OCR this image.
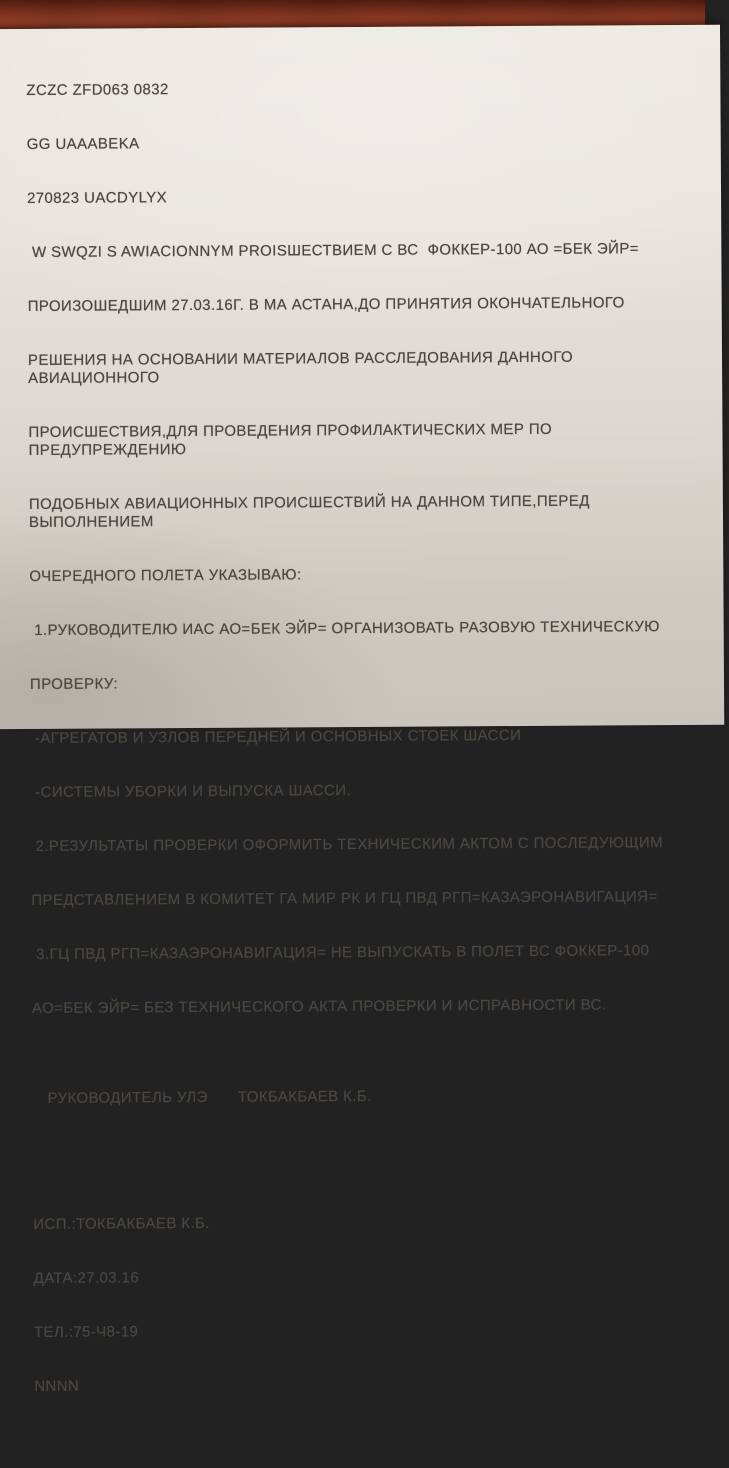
ZCZC ZFD063 0832

GG UAAABEKA

270823 UACDYLYX

W SWQZI S AWIACIONNYM PROISШЕСТВИЕМ С ВС  ФОККЕР-100 АО =БЕК ЭЙР=

ПРОИЗОШЕДШИМ 27.03.16Г. В МА АСТАНА,ДО ПРИНЯТИЯ ОКОНЧАТЕЛЬНОГО

РЕШЕНИЯ НА ОСНОВАНИИ МАТЕРИАЛОВ РАССЛЕДОВАНИЯ ДАННОГО АВИАЦИОННОГО

ПРОИСШЕСТВИЯ,ДЛЯ ПРОВЕДЕНИЯ ПРОФИЛАКТИЧЕСКИХ МЕР ПО ПРЕДУПРЕЖДЕНИЮ

ПОДОБНЫХ АВИАЦИОННЫХ ПРОИСШЕСТВИЙ НА ДАННОМ ТИПЕ,ПЕРЕД ВЫПОЛНЕНИЕМ

ОЧЕРЕДНОГО ПОЛЕТА УКАЗЫВАЮ:

1.РУКОВОДИТЕЛЮ ИАС АО=БЕК ЭЙР= ОРГАНИЗОВАТЬ РАЗОВУЮ ТЕХНИЧЕСКУЮ

ПРОВЕРКУ:

-АГРЕГАТОВ И УЗЛОВ ПЕРЕДНЕЙ И ОСНОВНЫХ СТОЕК ШАССИ

-СИСТЕМЫ УБОРКИ И ВЫПУСКА ШАССИ.

2.РЕЗУЛЬТАТЫ ПРОВЕРКИ ОФОРМИТЬ ТЕХНИЧЕСКИМ АКТОМ С ПОСЛЕДУЮЩИМ

ПРЕДСТАВЛЕНИЕМ В КОМИТЕТ ГА МИР РК И ГЦ ПВД РГП=КАЗАЭРОНАВИГАЦИЯ=

3.ГЦ ПВД РГП=КАЗАЭРОНАВИГАЦИЯ= НЕ ВЫПУСКАТЬ В ПОЛЕТ ВС ФОККЕР-100

АО=БЕК ЭЙР= БЕЗ ТЕХНИЧЕСКОГО АКТА ПРОВЕРКИ И ИСПРАВНОСТИ ВС.

РУКОВОДИТЕЛЬ УЛЭ ТОКБАКБАЕВ К.Б.

ИСП.:ТОКБАКБАЕВ К.Б.

ДАТА:27.03.16

ТЕЛ.:75-Ч8-19

NNNN
